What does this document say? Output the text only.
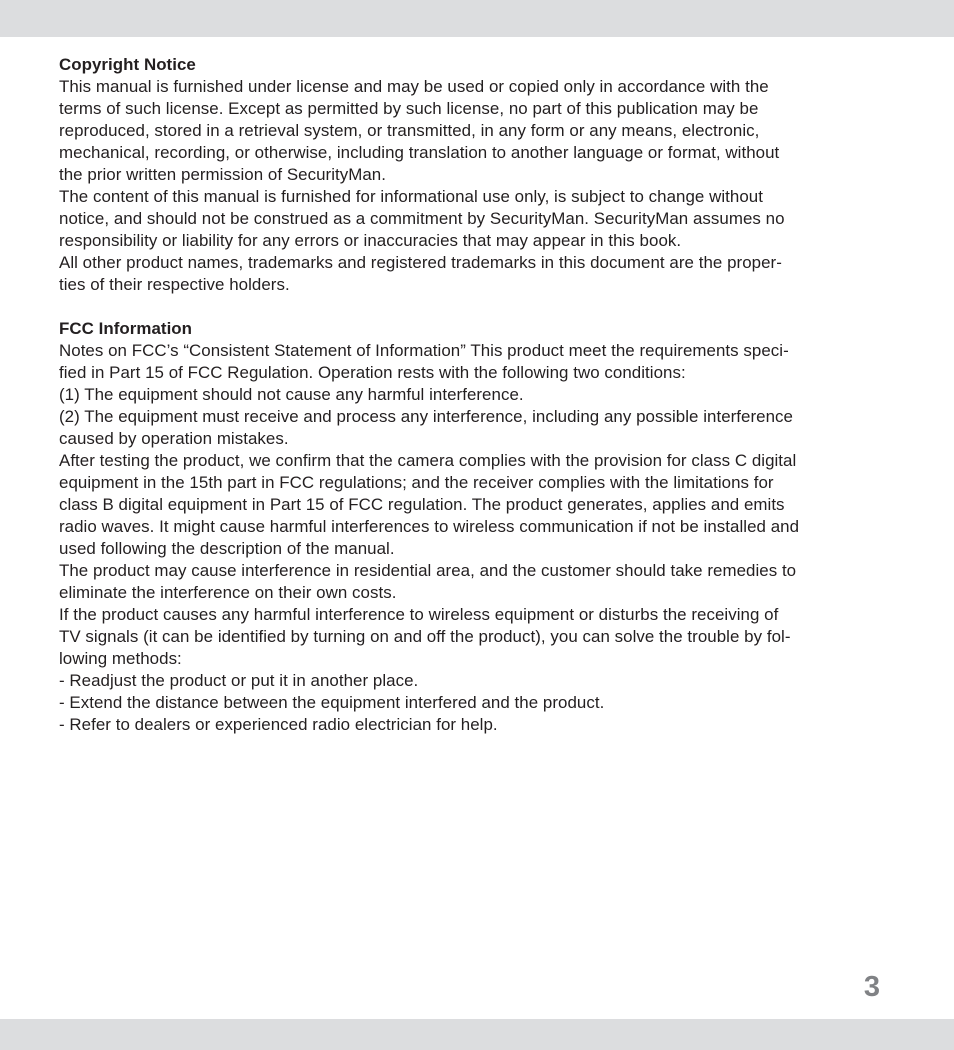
Copyright Notice

This manual is furnished under license and may be used or copied only in accordance with the

terms of such license. Except as permitted by such license, no part of this publication may be

reproduced, stored in a retrieval system, or transmitted, in any form or any means, electronic,

mechanical, recording, or otherwise, including translation to another language or format, without

the prior written permission of SecurityMan.

The content of this manual is furnished for informational use only, is subject to change without

notice, and should not be construed as a commitment by SecurityMan. SecurityMan assumes no

responsibility or liability for any errors or inaccuracies that may appear in this book.

All other product names, trademarks and registered trademarks in this document are the proper-

ties of their respective holders.

FCC Information

Notes on FCC’s “Consistent Statement of Information” This product meet the requirements speci-

fied in Part 15 of FCC Regulation. Operation rests with the following two conditions:

(1) The equipment should not cause any harmful interference.

(2) The equipment must receive and process any interference, including any possible interference

caused by operation mistakes.

After testing the product, we confirm that the camera complies with the provision for class C digital

equipment in the 15th part in FCC regulations; and the receiver complies with the limitations for

class B digital equipment in Part 15 of FCC regulation. The product generates, applies and emits

radio waves. It might cause harmful interferences to wireless communication if not be installed and

used following the description of the manual.

The product may cause interference in residential area, and the customer should take remedies to

eliminate the interference on their own costs.

If the product causes any harmful interference to wireless equipment or disturbs the receiving of

TV signals (it can be identified by turning on and off the product), you can solve the trouble by fol-

lowing methods:

- Readjust the product or put it in another place.

- Extend the distance between the equipment interfered and the product.

- Refer to dealers or experienced radio electrician for help.

3
